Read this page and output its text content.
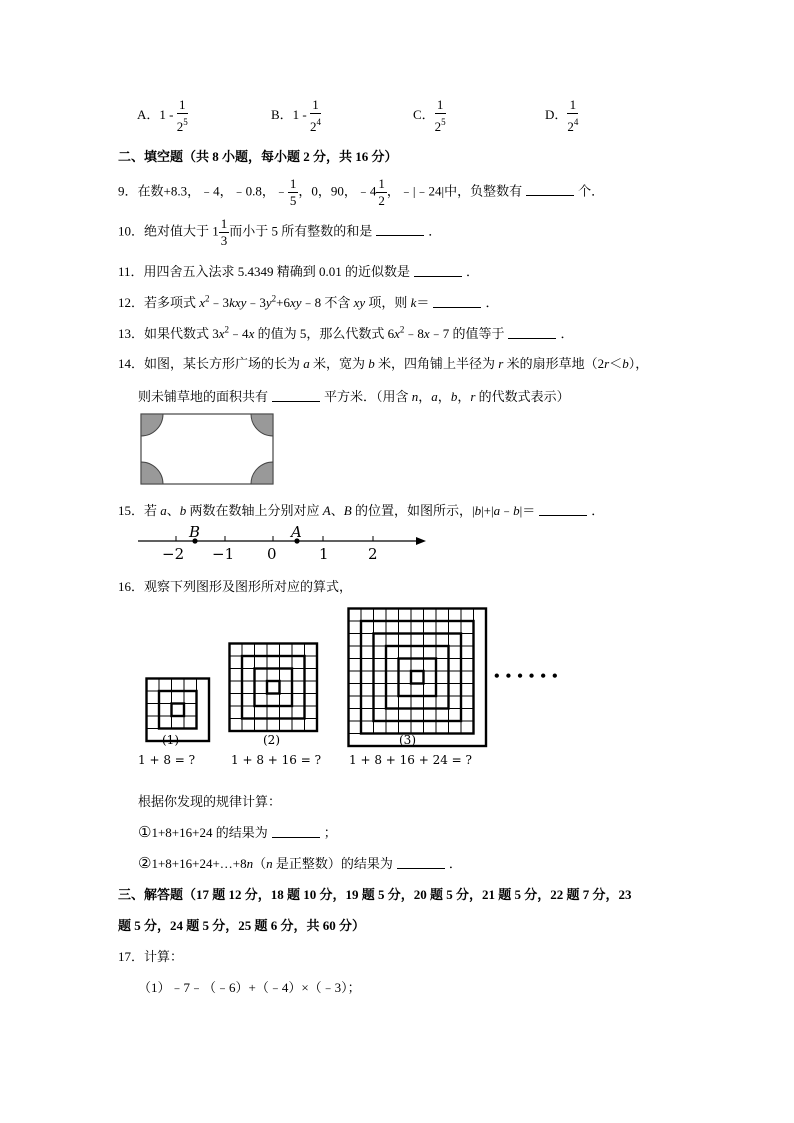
A．$1 - \frac{1}{2^5}$	B．$1 - \frac{1}{2^4}$	C． $\frac{1}{2^5}$	D． $\frac{1}{2^4}$
二、填空题（共 8 小题，每小题 2 分，共 16 分）
9．在数+8.3，﹣4，﹣0.8，﹣ $\frac{1}{5}$ ，0，90，﹣4 $\frac{1}{2}$ ，﹣|﹣24|中，负整数有	个．
10．绝对值大于 $1 \frac{1}{3}$ 而小于 5 所有整数的和是	．
11．用四舍五入法求 5.4349 精确到 0.01 的近似数是	．
12．若多项式 $x^2﹣3kxy﹣3y^2+6xy﹣8$ 不含 xy 项，则 k＝	．
13．如果代数式 $3x^2﹣4x$ 的值为 5，那么代数式 $6x^2﹣8x﹣7$ 的值等于	．
14．如图，某长方形广场的长为 a 米，宽为 b 米，四角铺上半径为 r 米的扇形草地（2r＜b），
则未铺草地的面积共有	平方米．（用含 n，a，b，r 的代数式表示）
15．若 a、b 两数在数轴上分别对应 A、B 的位置，如图所示，|b|+|a﹣b|＝	．
B	A
−2 −1 0	1	2
16．观察下列图形及图形所对应的算式，
(1)	(2)	(3)
1 + 8 = ?	1 + 8 + 16 = ? 1 + 8 + 16 + 24 = ?
• • • • • •
根据你发现的规律计算：
①1+8+16+24 的结果为	；
②1+8+16+24+…+8n（n 是正整数）的结果为	．
三、解答题（17 题 12 分，18 题 10 分，19 题 5 分，20 题 5 分，21 题 5 分，22 题 7 分，23
题 5 分，24 题 5 分，25 题 6 分，共 60 分）
17．计算：
（1）﹣7﹣（﹣6）+（﹣4）×（﹣3）；
